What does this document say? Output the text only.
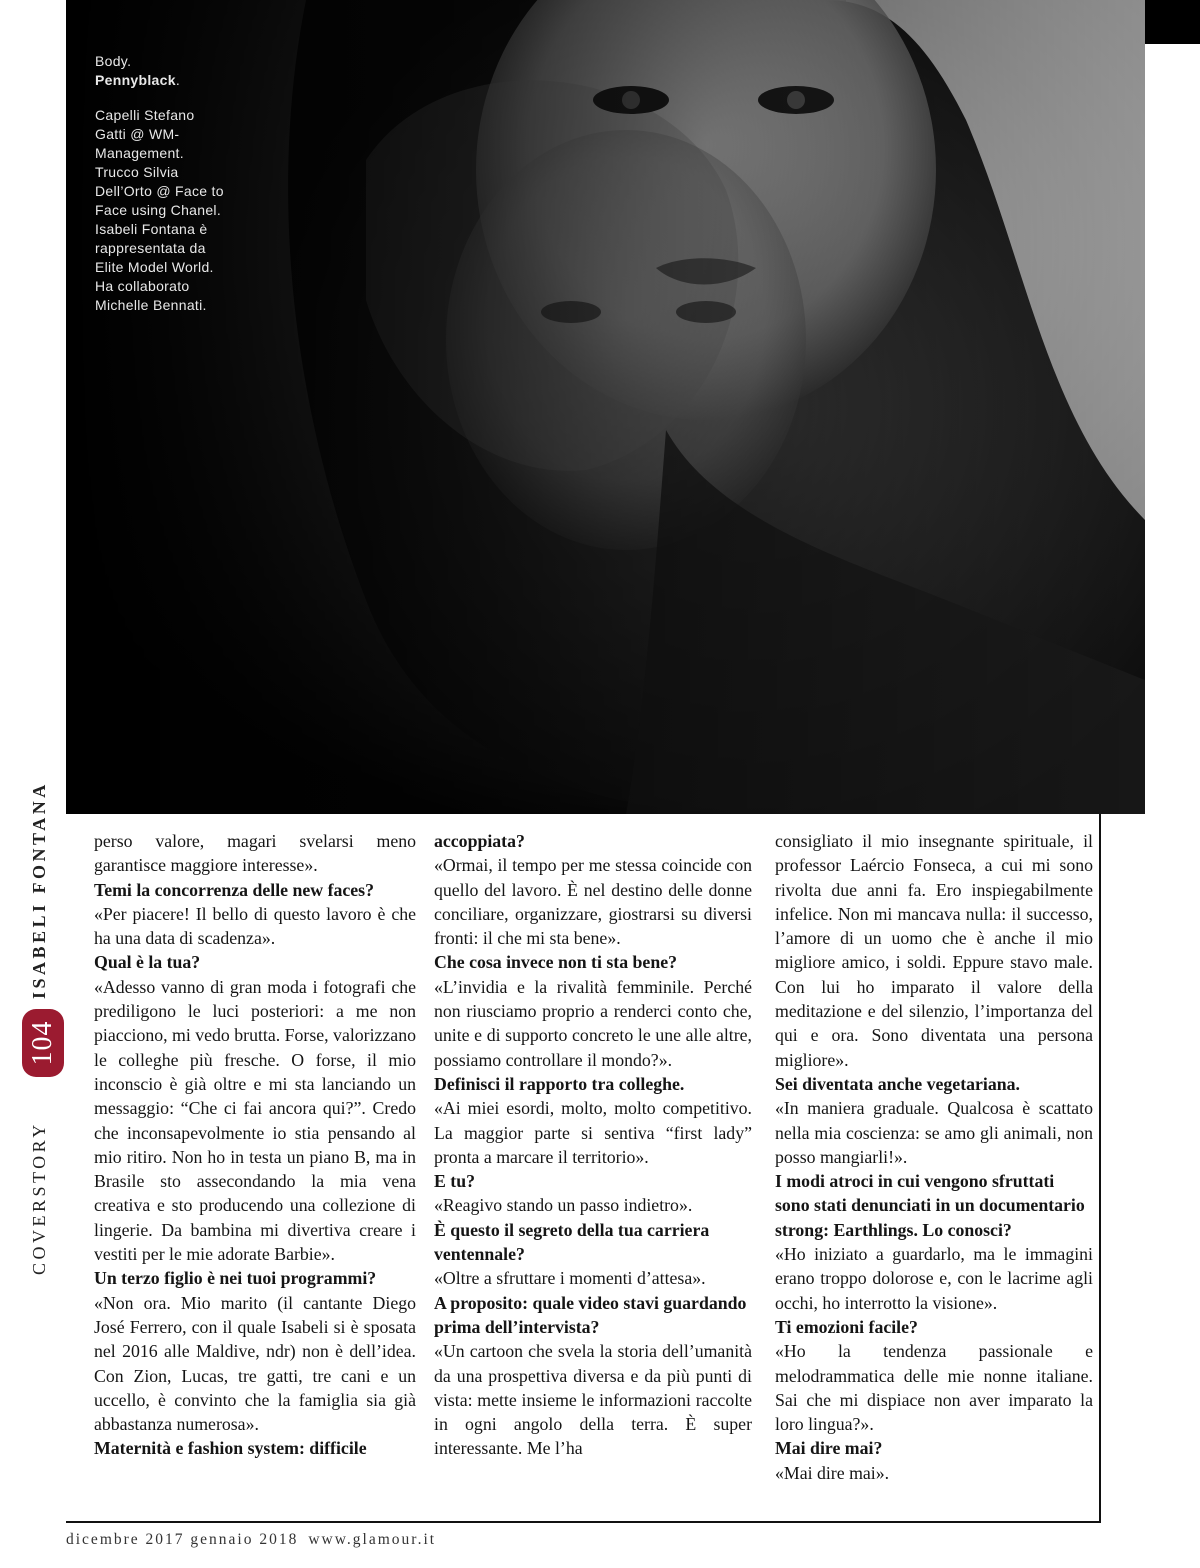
Body.
Pennyblack.
Capelli Stefano Gatti @ WM-Management. Trucco Silvia Dell’Orto @ Face to Face using Chanel. Isabeli Fontana è rappresentata da Elite Model World. Ha collaborato Michelle Bennati.
COVERSTORY
104
ISABELI FONTANA	perso valore, magari svelarsi meno garantisce maggiore interesse».

Temi la concorrenza delle new faces?

«Per piacere! Il bello di questo lavoro è che ha una data di scadenza».

Qual è la tua?

«Adesso vanno di gran moda i fotografi che prediligono le luci posteriori: a me non piacciono, mi vedo brutta. Forse, valorizzano le colleghe più fresche. O forse, il mio inconscio è già oltre e mi sta lanciando un messaggio: “Che ci fai ancora qui?”. Credo che inconsapevolmente io stia pensando al mio ritiro. Non ho in testa un piano B, ma in Brasile sto assecondando la mia vena creativa e sto producendo una collezione di lingerie. Da bambina mi divertiva creare i vestiti per le mie adorate Barbie».

Un terzo figlio è nei tuoi programmi?

«Non ora. Mio marito (il cantante Diego José Ferrero, con il quale Isabeli si è sposata nel 2016 alle Maldive, ndr) non è dell’idea. Con Zion, Lucas, tre gatti, tre cani e un uccello, è convinto che la famiglia sia già abbastanza numerosa».

Maternità e fashion system: difficile

accoppiata?

«Ormai, il tempo per me stessa coincide con quello del lavoro. È nel destino delle donne conciliare, organizzare, giostrarsi su diversi fronti: il che mi sta bene».

Che cosa invece non ti sta bene?

«L’invidia e la rivalità femminile. Perché non riusciamo proprio a renderci conto che, unite e di supporto concreto le une alle altre, possiamo controllare il mondo?».

Definisci il rapporto tra colleghe.

«Ai miei esordi, molto, molto competitivo. La maggior parte si sentiva “first lady” pronta a marcare il territorio».

E tu?

«Reagivo stando un passo indietro».

È questo il segreto della tua carriera ventennale?

«Oltre a sfruttare i momenti d’attesa».

A proposito: quale video stavi guardando prima dell’intervista?

«Un cartoon che svela la storia dell’umanità da una prospettiva diversa e da più punti di vista: mette insieme le informazioni raccolte in ogni angolo della terra. È super interessante. Me l’ha

consigliato il mio insegnante spirituale, il professor Laércio Fonseca, a cui mi sono rivolta due anni fa. Ero inspiegabilmente infelice. Non mi mancava nulla: il successo, l’amore di un uomo che è anche il mio migliore amico, i soldi. Eppure stavo male. Con lui ho imparato il valore della meditazione e del silenzio, l’importanza del qui e ora. Sono diventata una persona migliore».

Sei diventata anche vegetariana.

«In maniera graduale. Qualcosa è scattato nella mia coscienza: se amo gli animali, non posso mangiarli!».

I modi atroci in cui vengono sfruttati sono stati denunciati in un documentario strong: Earthlings. Lo conosci?

«Ho iniziato a guardarlo, ma le immagini erano troppo dolorose e, con le lacrime agli occhi, ho interrotto la visione».

Ti emozioni facile?

«Ho la tendenza passionale e melodrammatica delle mie nonne italiane. Sai che mi dispiace non aver imparato la loro lingua?».

Mai dire mai?

«Mai dire mai».

dicembre 2017 gennaio 2018 www.glamour.it
